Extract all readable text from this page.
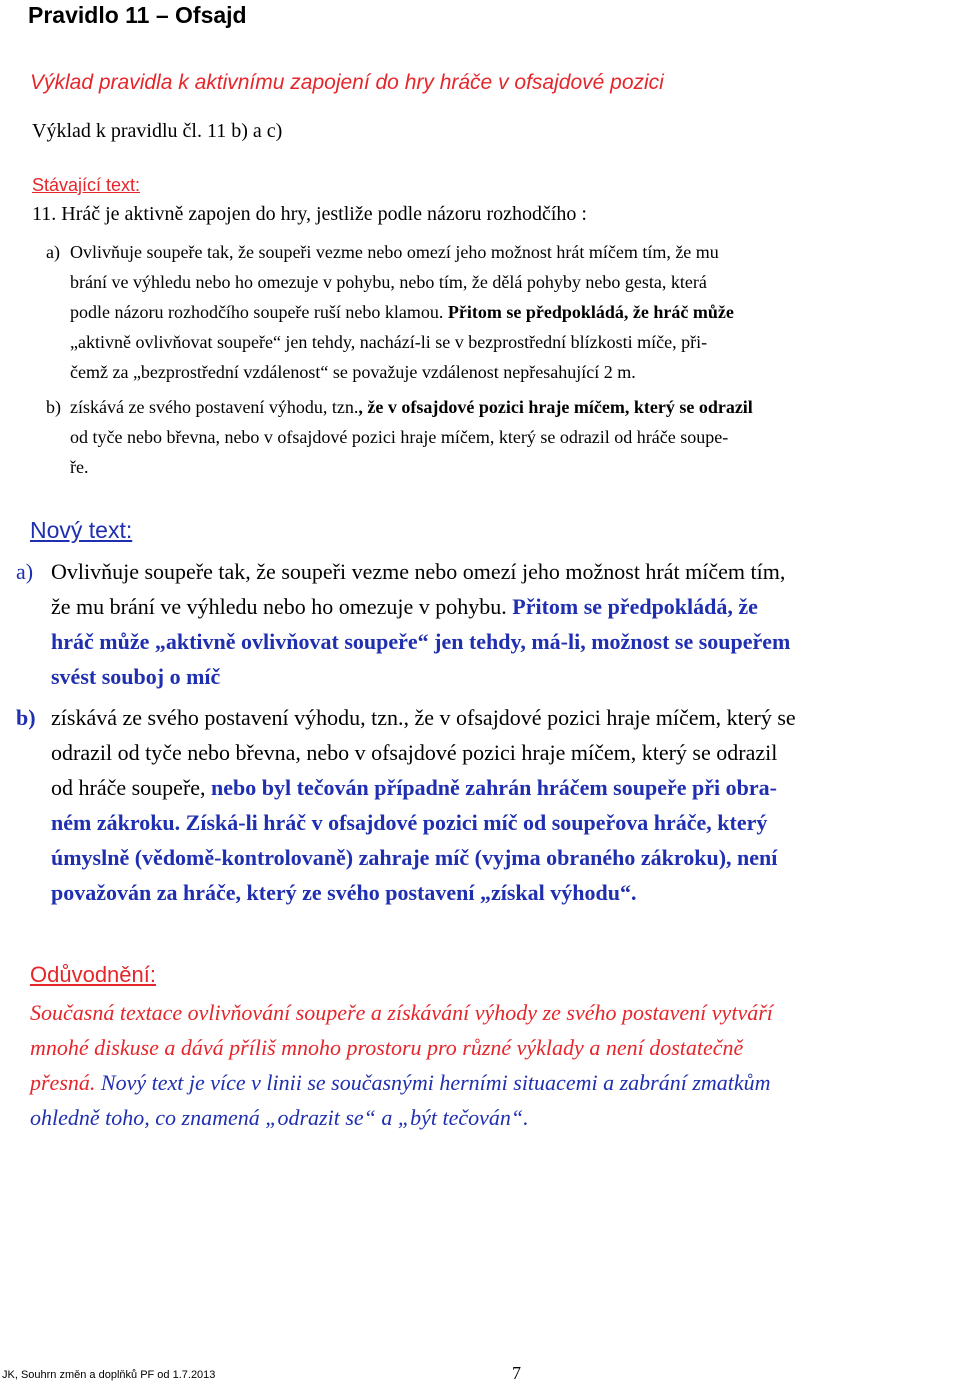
Pravidlo 11 – Ofsajd
Výklad pravidla k aktivnímu zapojení do hry hráče v ofsajdové pozici
Výklad k pravidlu čl. 11 b) a c)
Stávající text:
11. Hráč je aktivně zapojen do hry, jestliže podle názoru rozhodčího :
a) Ovlivňuje soupeře tak, že soupeři vezme nebo omezí jeho možnost hrát míčem tím, že mu
brání ve výhledu nebo ho omezuje v pohybu, nebo tím, že dělá pohyby nebo gesta, která
podle názoru rozhodčího soupeře ruší nebo klamou. Přitom se předpokládá, že hráč může
„aktivně ovlivňovat soupeře“ jen tehdy, nachází-li se v bezprostřední blízkosti míče, při-
čemž za „bezprostřední vzdálenost“ se považuje vzdálenost nepřesahující 2 m.
b) získává ze svého postavení výhodu, tzn., že v ofsajdové pozici hraje míčem, který se odrazil
od tyče nebo břevna, nebo v ofsajdové pozici hraje míčem, který se odrazil od hráče soupe-
ře.
Nový text:
a) Ovlivňuje soupeře tak, že soupeři vezme nebo omezí jeho možnost hrát míčem tím,
že mu brání ve výhledu nebo ho omezuje v pohybu. Přitom se předpokládá, že
hráč může „aktivně ovlivňovat soupeře“ jen tehdy, má-li, možnost se soupeřem
svést souboj o míč
b) získává ze svého postavení výhodu, tzn., že v ofsajdové pozici hraje míčem, který se
odrazil od tyče nebo břevna, nebo v ofsajdové pozici hraje míčem, který se odrazil
od hráče soupeře, nebo byl tečován případně zahrán hráčem soupeře při obra-
ném zákroku. Získá-li hráč v ofsajdové pozici míč od soupeřova hráče, který
úmyslně (vědomě-kontrolovaně) zahraje míč (vyjma obraného zákroku), není
považován za hráče, který ze svého postavení „získal výhodu“.
Odůvodnění:
Současná textace ovlivňování soupeře a získávání výhody ze svého postavení vytváří
mnohé diskuse a dává příliš mnoho prostoru pro různé výklady a není dostatečně
přesná. Nový text je více v linii se současnými herními situacemi a zabrání zmatkům
ohledně toho, co znamená „odrazit se“ a „být tečován“.
JK, Souhrn změn a doplňků PF od 1.7.2013	7
